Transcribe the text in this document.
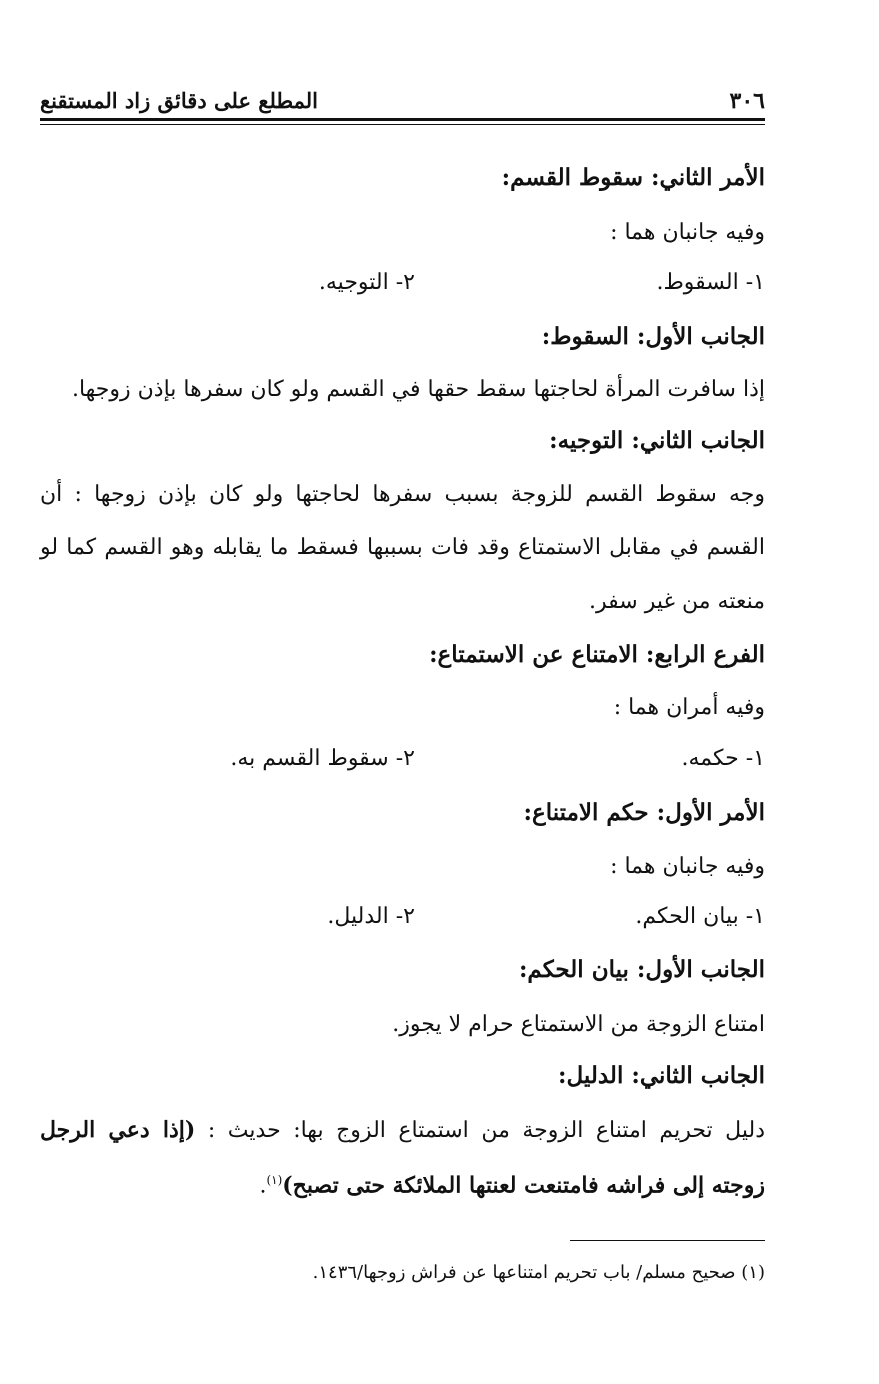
٣٠٦
المطلع على دقائق زاد المستقنع
الأمر الثاني: سقوط القسم:
وفيه جانبان هما :
١- السقوط.
٢- التوجيه.
الجانب الأول: السقوط:
إذا سافرت المرأة لحاجتها سقط حقها في القسم ولو كان سفرها بإذن زوجها.
الجانب الثاني: التوجيه:
وجه سقوط القسم للزوجة بسبب سفرها لحاجتها ولو كان بإذن زوجها : أن
القسم في مقابل الاستمتاع وقد فات بسببها فسقط ما يقابله وهو القسم كما لو
منعته من غير سفر.
الفرع الرابع: الامتناع عن الاستمتاع:
وفيه أمران هما :
١- حكمه.
٢- سقوط القسم به.
الأمر الأول: حكم الامتناع:
وفيه جانبان هما :
١- بيان الحكم.
٢- الدليل.
الجانب الأول: بيان الحكم:
امتناع الزوجة من الاستمتاع حرام لا يجوز.
الجانب الثاني: الدليل:
دليل تحريم امتناع الزوجة من استمتاع الزوج بها: حديث : (إذا دعي الرجل
زوجته إلى فراشه فامتنعت لعنتها الملائكة حتى تصبح)$^{(١)}$.
(١) صحيح مسلم/ باب تحريم امتناعها عن فراش زوجها/١٤٣٦.
